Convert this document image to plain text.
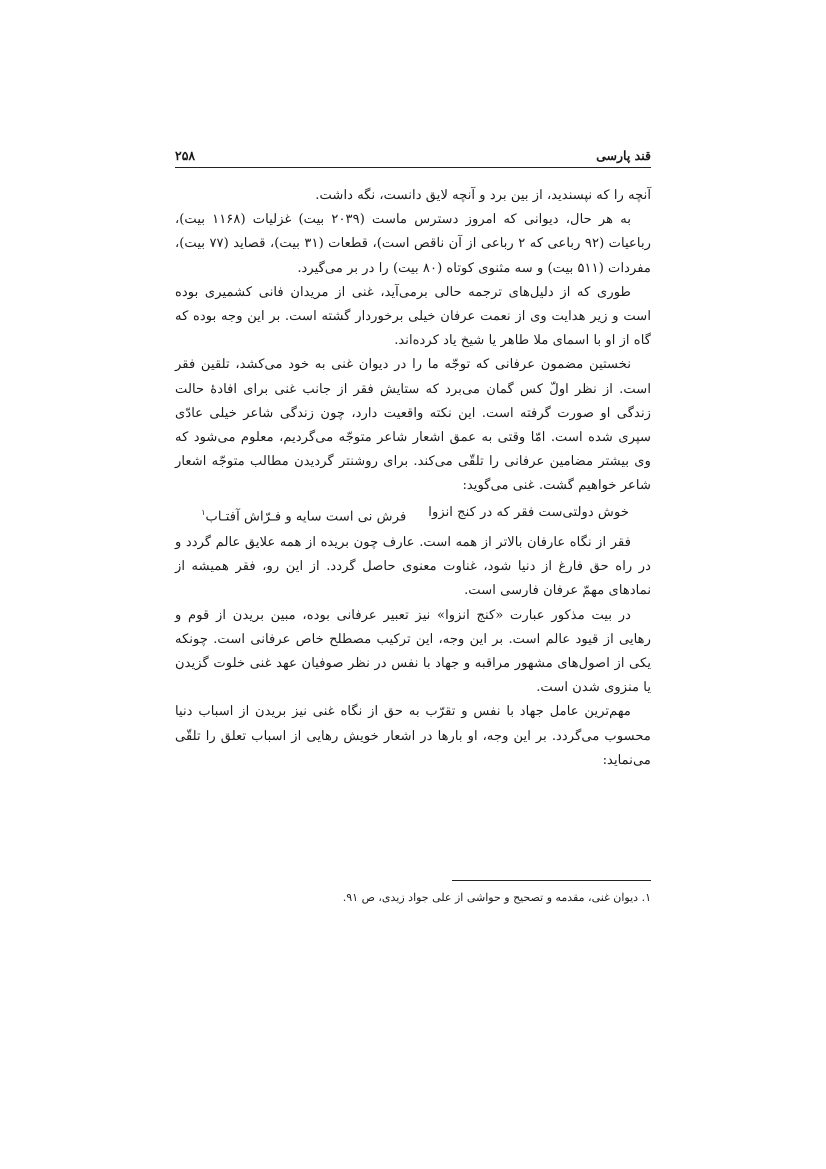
قند پارسی
۲۵۸

آنچه را که نپسندید، از بین برد و آنچه لایق دانست، نگه داشت.

به هر حال، دیوانی که امروز دسترس ماست (۲۰۳۹ بیت) غزلیات (۱۱۶۸ بیت)، رباعیات (۹۲ رباعی که ۲ رباعی از آن ناقص است)، قطعات (۳۱ بیت)، قصاید (۷۷ بیت)، مفردات (۵۱۱ بیت) و سه مثنوی کوتاه (۸۰ بیت) را در بر می‌گیرد.

طوری که از دلیل‌های ترجمه حالی برمی‌آید، غنی از مریدان فانی کشمیری بوده است و زیر هدایت وی از نعمت عرفان خیلی برخوردار گشته است. بر این وجه بوده که گاه از او با اسمای ملا طاهر یا شیخ یاد کرده‌اند.

نخستین مضمون عرفانی که توجّه ما را در دیوان غنی به خود می‌کشد، تلقین فقر است. از نظر اولّ کس گمان می‌برد که ستایش فقر از جانب غنی برای افادهٔ حالت زندگی او صورت گرفته است. این نکته واقعیت دارد، چون زندگی شاعر خیلی عادّی سپری شده است. امّا وقتی به عمق اشعار شاعر متوجّه می‌گردیم، معلوم می‌شود که وی بیشتر مضامین عرفانی را تلقّی می‌کند. برای روشنتر گردیدن مطالب متوجّه اشعار شاعر خواهیم گشت. غنی می‌گوید:

خوش دولتی‌ست فقر که در کنج انزوا
فرش نی است سایه و فـرّاش آفتـاب$^۱$

فقر از نگاه عارفان بالاتر از همه است. عارف چون بریده از همه علایق عالم گردد و در راه حق فارغ از دنیا شود، غناوت معنوی حاصل گردد. از این رو، فقر همیشه از نمادهای مهمّ عرفان فارسی است.

در بیت مذکور عبارت «کنج انزوا» نیز تعبیر عرفانی بوده، مبین بریدن از قوم و رهایی از قیود عالم است. بر این وجه، این ترکیب مصطلح خاص عرفانی است. چونکه یکی از اصول‌های مشهور مراقبه و جهاد با نفس در نظر صوفیان عهد غنی خلوت گزیدن یا منزوی شدن است.

مهم‌ترین عامل جهاد با نفس و تقرّب به حق از نگاه غنی نیز بریدن از اسباب دنیا محسوب می‌گردد. بر این وجه، او بارها در اشعار خویش رهایی از اسباب تعلق را تلقّی می‌نماید:

۱. دیوان غنی، مقدمه و تصحیح و حواشی از علی جواد زیدی، ص ۹۱.
